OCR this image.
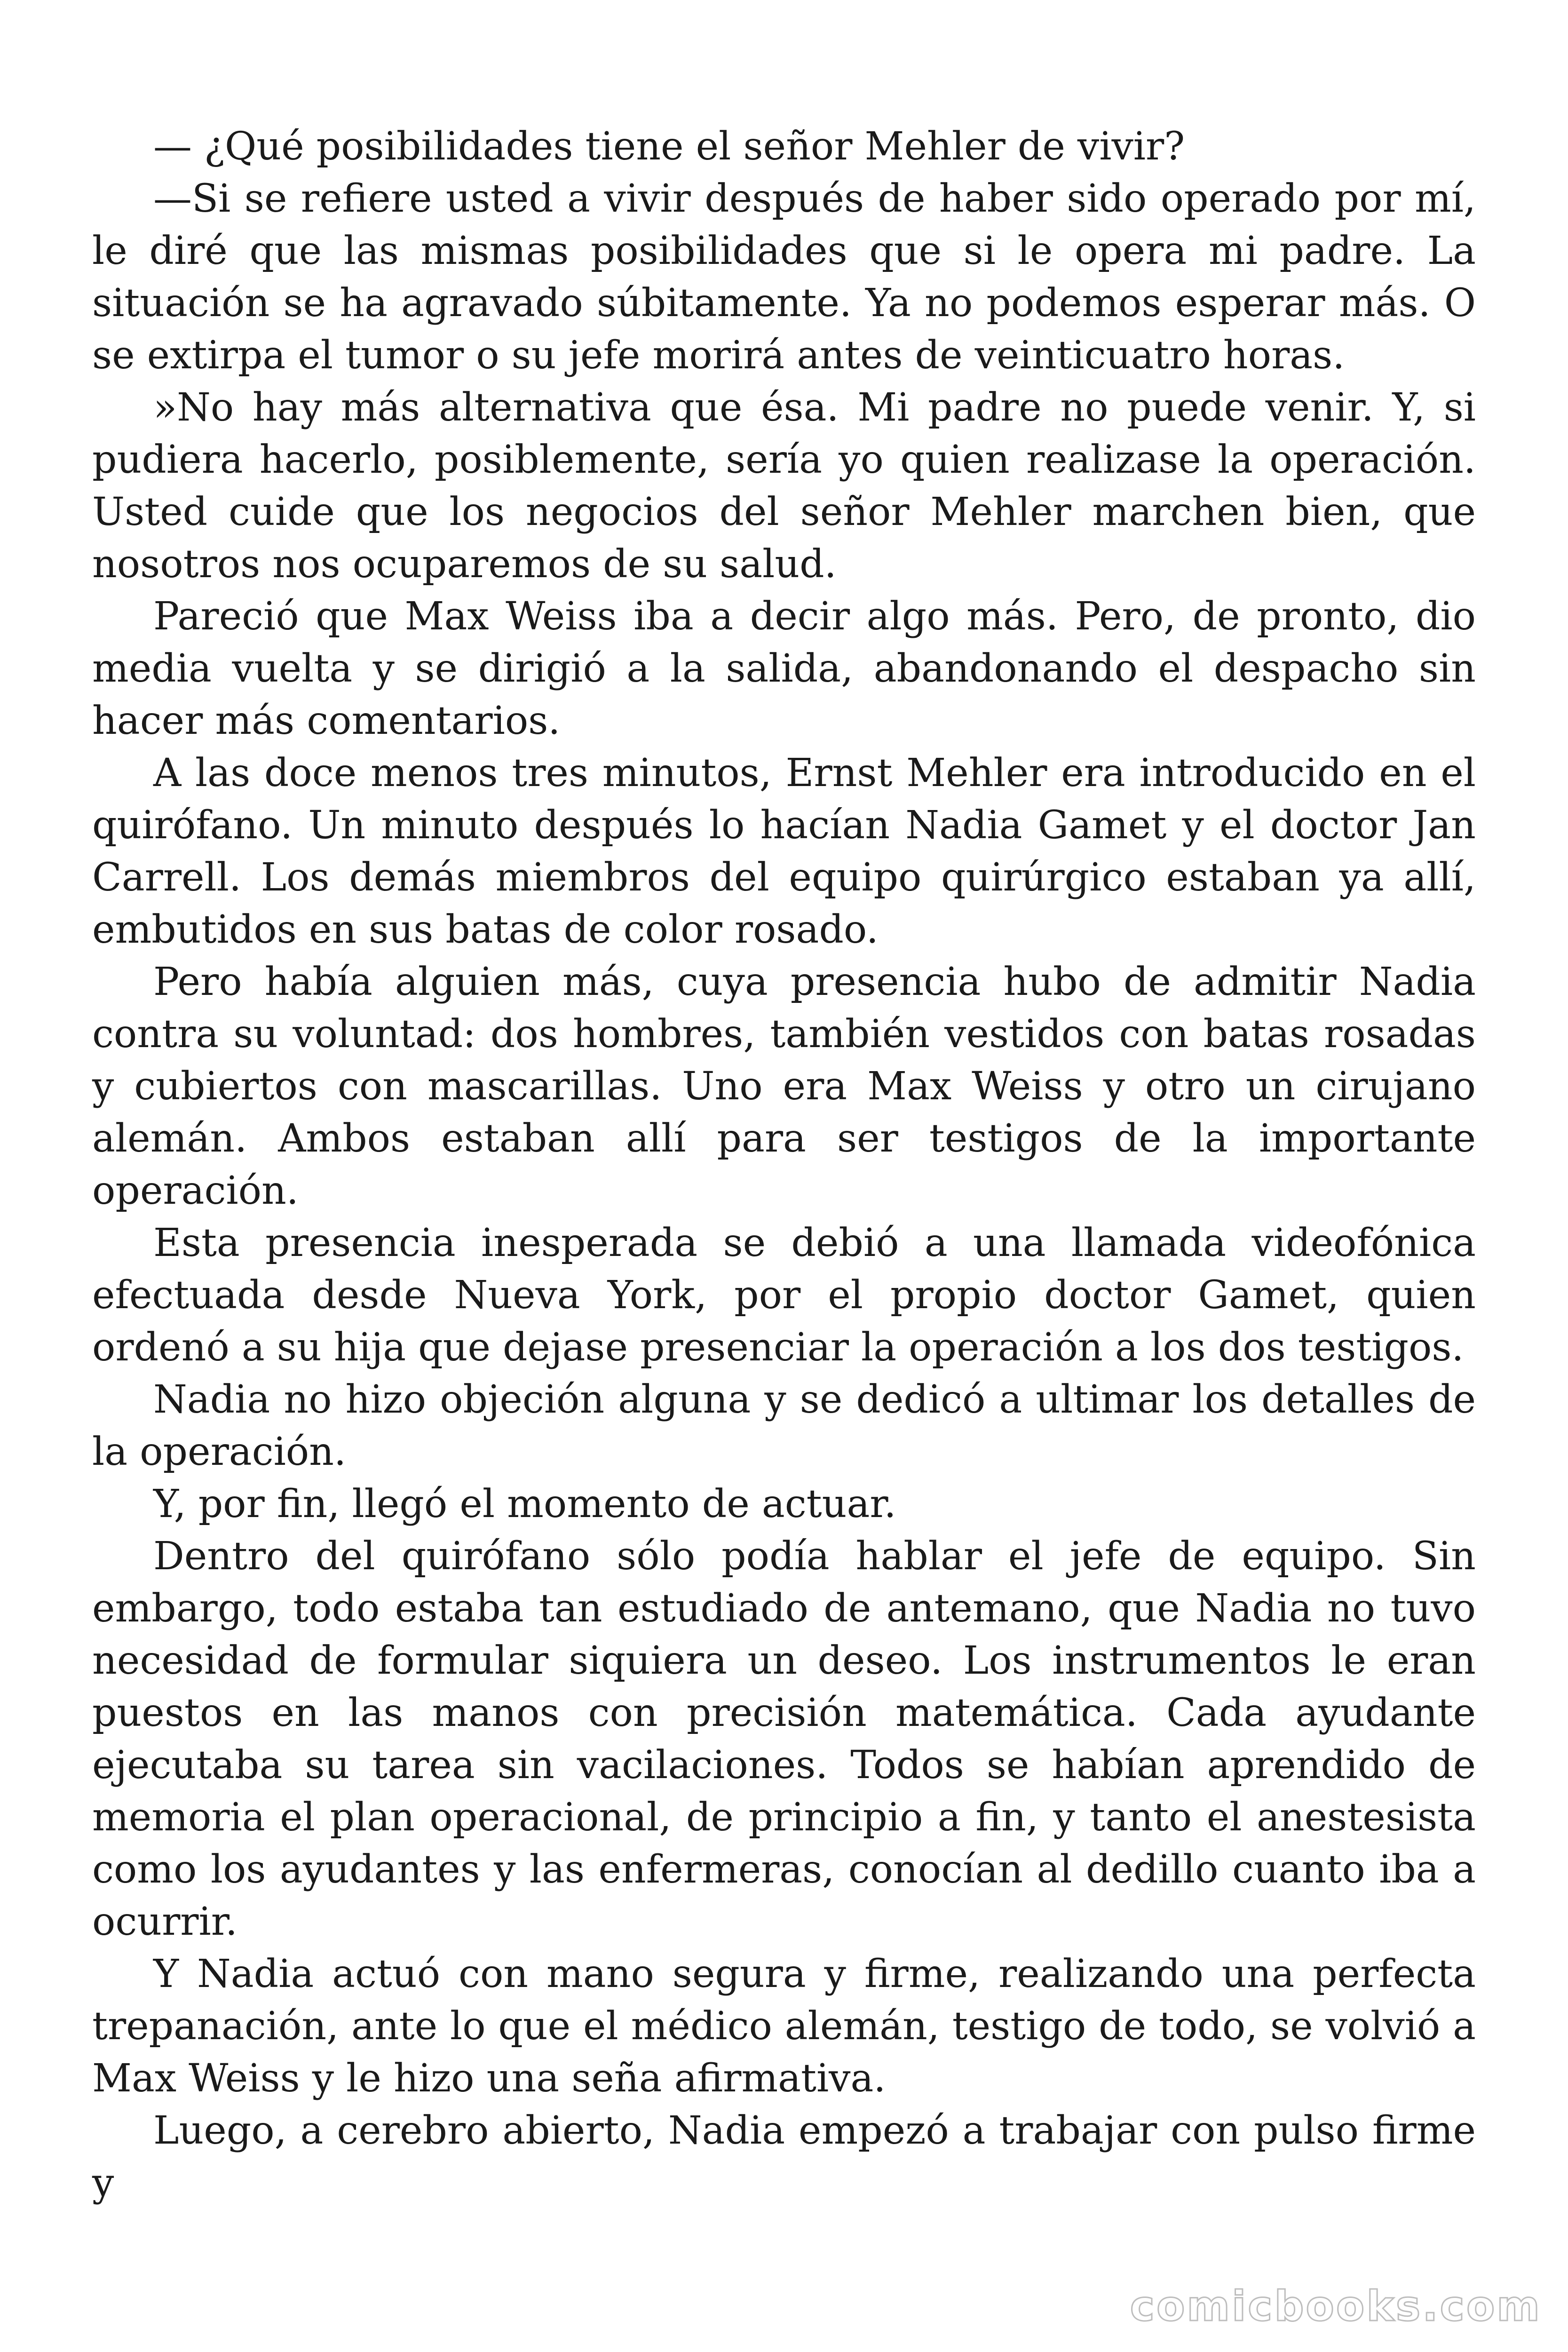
— ¿Qué posibilidades tiene el señor Mehler de vivir?

—Si se refiere usted a vivir después de haber sido operado por mí, le diré que las mismas posibilidades que si le opera mi padre. La situación se ha agravado súbitamente. Ya no podemos esperar más. O se extirpa el tumor o su jefe morirá antes de veinticuatro horas.

»No hay más alternativa que ésa. Mi padre no puede venir. Y, si pudiera hacerlo, posiblemente, sería yo quien realizase la operación. Usted cuide que los negocios del señor Mehler marchen bien, que nosotros nos ocuparemos de su salud.

Pareció que Max Weiss iba a decir algo más. Pero, de pronto, dio media vuelta y se dirigió a la salida, abandonando el despacho sin hacer más comentarios.

A las doce menos tres minutos, Ernst Mehler era introducido en el quirófano. Un minuto después lo hacían Nadia Gamet y el doctor Jan Carrell. Los demás miembros del equipo quirúrgico estaban ya allí, embutidos en sus batas de color rosado.

Pero había alguien más, cuya presencia hubo de admitir Nadia contra su voluntad: dos hombres, también vestidos con batas rosadas y cubiertos con mascarillas. Uno era Max Weiss y otro un cirujano alemán. Ambos estaban allí para ser testigos de la importante operación.

Esta presencia inesperada se debió a una llamada videofónica efectuada desde Nueva York, por el propio doctor Gamet, quien ordenó a su hija que dejase presenciar la operación a los dos testigos.

Nadia no hizo objeción alguna y se dedicó a ultimar los detalles de la operación.

Y, por fin, llegó el momento de actuar.

Dentro del quirófano sólo podía hablar el jefe de equipo. Sin embargo, todo estaba tan estudiado de antemano, que Nadia no tuvo necesidad de formular siquiera un deseo. Los instrumentos le eran puestos en las manos con precisión matemática. Cada ayudante ejecutaba su tarea sin vacilaciones. Todos se habían aprendido de memoria el plan operacional, de principio a fin, y tanto el anestesista como los ayudantes y las enfermeras, conocían al dedillo cuanto iba a ocurrir.

Y Nadia actuó con mano segura y firme, realizando una perfecta trepanación, ante lo que el médico alemán, testigo de todo, se volvió a Max Weiss y le hizo una seña afirmativa.

Luego, a cerebro abierto, Nadia empezó a trabajar con pulso firme y

comicbooks.com
